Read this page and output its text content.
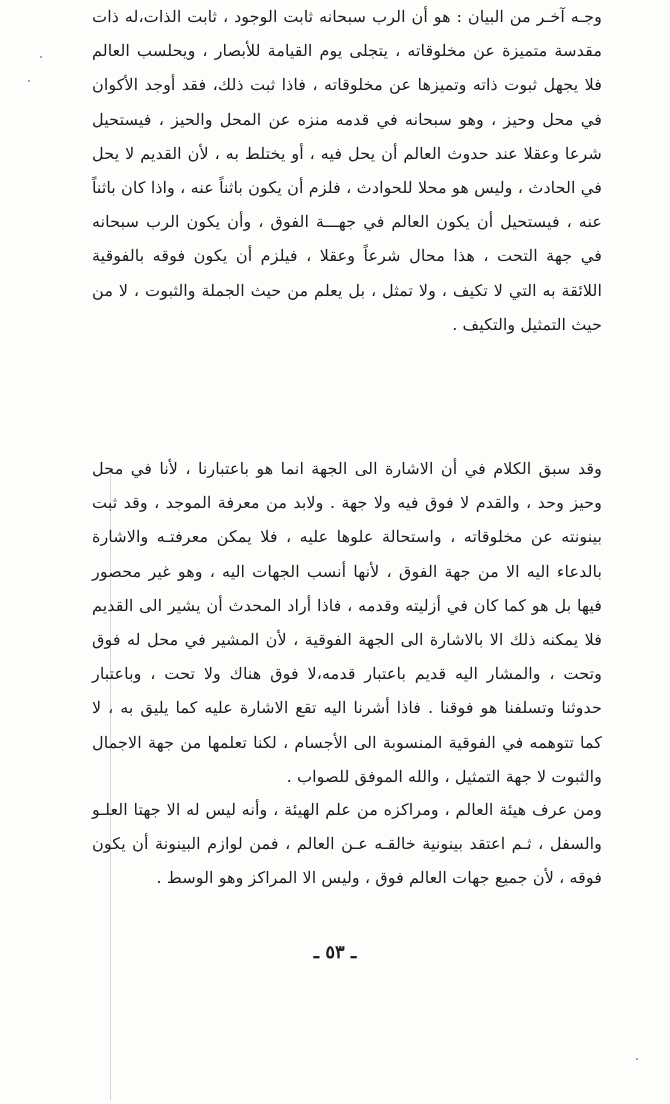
وجـه آخـر من البيان : هو أن الرب سبحانه ثابت الوجود ، ثابت الذات،له ذات مقدسة متميزة عن مخلوقاته ، يتجلى يوم القيامة للأبصار ، ويحلسب العالم فلا يجهل ثبوت ذاته وتميزها عن مخلوقاته ، فاذا ثبت ذلك، فقد أوجد الأكوان في محل وحيز ، وهو سبحانه في قدمه منزه عن المحل والحيز ، فيستحيل شرعا وعقلا عند حدوث العالم أن يحل فيه ، أو يختلط به ، لأن القديم لا يحل في الحادث ، وليس هو محلا للحوادث ، فلزم أن يكون باثناً عنه ، واذا كان باثناً عنه ، فيستحيل أن يكون العالم في جهـــة الفوق ، وأن يكون الرب سبحانه في جهة التحت ، هذا محال شرعاً وعقلا ، فيلزم أن يكون فوقه بالفوقية اللائقة به التي لا تكيف ، ولا تمثل ، بل يعلم من حيث الجملة والثبوت ، لا من حيث التمثيل والتكيف .

وقد سبق الكلام في أن الاشارة الى الجهة انما هو باعتبارنا ، لأنا في محل وحيز وحد ، والقدم لا فوق فيه ولا جهة . ولابد من معرفة الموجد ، وقد ثبت بينونته عن مخلوقاته ، واستحالة علوها عليه ، فلا يمكن معرفتـه والاشارة بالدعاء اليه الا من جهة الفوق ، لأنها أنسب الجهات اليه ، وهو غير محصور فيها بل هو كما كان في أزليته وقدمه ، فاذا أراد المحدث أن يشير الى القديم فلا يمكنه ذلك الا بالاشارة الى الجهة الفوقية ، لأن المشير في محل له فوق وتحت ، والمشار اليه قديم باعتبار قدمه،لا فوق هناك ولا تحت ، وباعتبار حدوثنا وتسلفنا هو فوقنا . فاذا أشرنا اليه تقع الاشارة عليه كما يليق به ، لا كما تتوهمه في الفوقية المنسوبة الى الأجسام ، لكنا تعلمها من جهة الاجمال والثبوت لا جهة التمثيل ، والله الموفق للصواب .

ومن عرف هيئة العالم ، ومراكزه من علم الهيئة ، وأنه ليس له الا جهتا العلـو والسفل ، ثـم اعتقد بينونية خالقـه عـن العالم ، فمن لوازم البينونة أن يكون فوقه ، لأن جميع جهات العالم فوق ، وليس الا المراكز وهو الوسط .

ـ ٥٣ ـ
